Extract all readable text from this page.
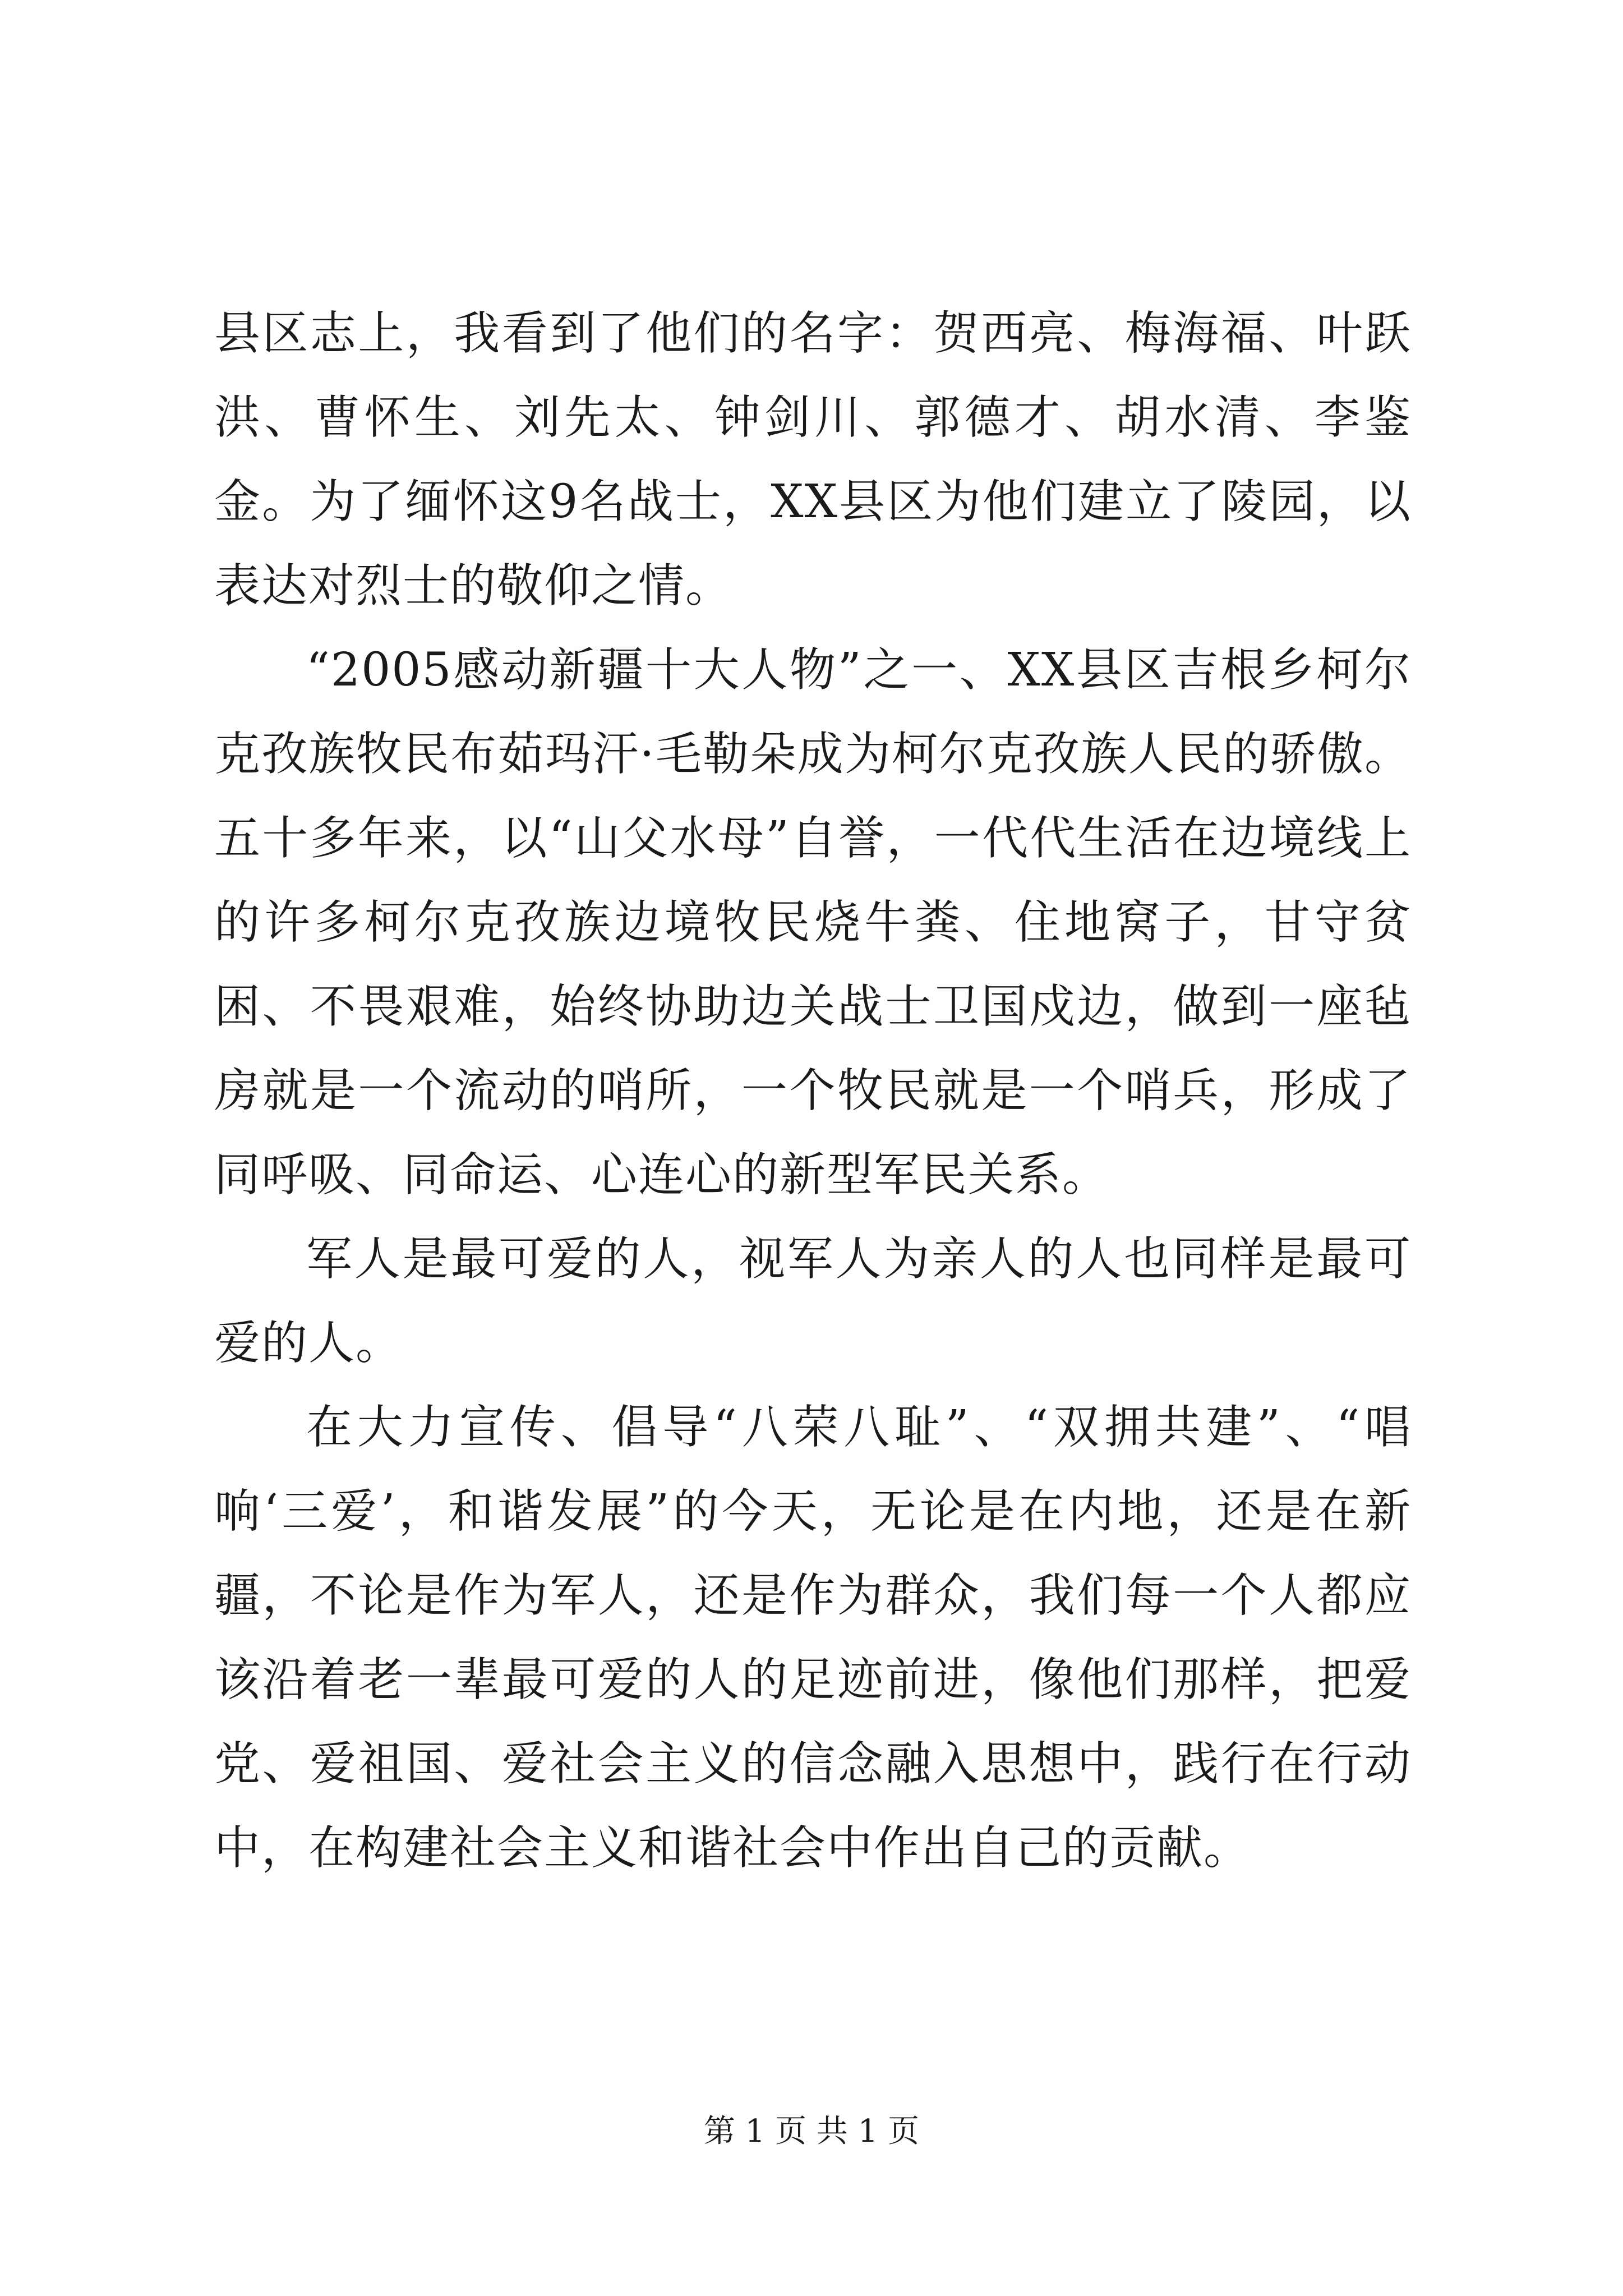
县区志上，我看到了他们的名字：贺西亮、梅海福、叶跃洪、曹怀生、刘先太、钟剑川、郭德才、胡水清、李鉴金。为了缅怀这9名战士，XX县区为他们建立了陵园，以表达对烈士的敬仰之情。

“2005感动新疆十大人物”之一、XX县区吉根乡柯尔克孜族牧民布茹玛汗·毛勒朵成为柯尔克孜族人民的骄傲。五十多年来，以“山父水母”自誉，一代代生活在边境线上的许多柯尔克孜族边境牧民烧牛粪、住地窝子，甘守贫困、不畏艰难，始终协助边关战士卫国戍边，做到一座毡房就是一个流动的哨所，一个牧民就是一个哨兵，形成了同呼吸、同命运、心连心的新型军民关系。

军人是最可爱的人，视军人为亲人的人也同样是最可爱的人。

在大力宣传、倡导“八荣八耻”、“双拥共建”、“唱响‘三爱’，和谐发展”的今天，无论是在内地，还是在新疆，不论是作为军人，还是作为群众，我们每一个人都应该沿着老一辈最可爱的人的足迹前进，像他们那样，把爱党、爱祖国、爱社会主义的信念融入思想中，践行在行动中，在构建社会主义和谐社会中作出自己的贡献。

第 1 页 共 1 页
